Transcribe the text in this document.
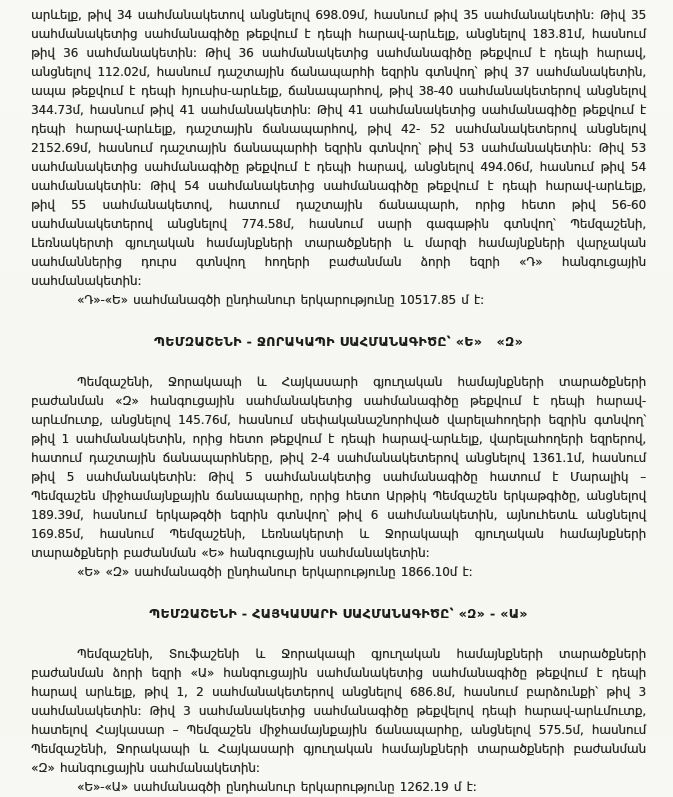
արևելք, թիվ 34 սահմանակետով անցնելով 698.09մ, հասնում թիվ 35 սահմանակետին: Թիվ 35 սահմանակետից սահմանագիծը թեքվում է դեպի հարավ-արևելք, անցնելով 183.81մ, հասնում թիվ 36 սահմանակետին: Թիվ 36 սահմանակետից սահմանագիծը թեքվում է դեպի հարավ, անցնելով 112.02մ, հասնում դաշտային ճանապարհի եզրին գտնվող՝ թիվ 37 սահմանակետին, ապա թեքվում է դեպի հյուսիս-արևելք, ճանապարհով, թիվ 38-40 սահմանակետերով անցնելով 344.73մ, հասնում թիվ 41 սահմանակետին: Թիվ 41 սահմանակետից սահմանագիծը թեքվում է դեպի հարավ-արևելք, դաշտային ճանապարհով, թիվ 42- 52 սահմանակետերով անցնելով 2152.69մ, հասնում դաշտային ճանապարհի եզրին գտնվող՝ թիվ 53 սահմանակետին: Թիվ 53 սահմանակետից սահմանագիծը թեքվում է դեպի հարավ, անցնելով 494.06մ, հասնում թիվ 54 սահմանակետին: Թիվ 54 սահմանակետից սահմանագիծը թեքվում է դեպի հարավ-արևելք, թիվ 55 սահմանակետով, հատում դաշտային ճանապարհ, որից հետո թիվ 56-60 սահմանակետերով անցնելով 774.58մ, հասնում սարի գագաթին գտնվող՝ Պեմզաշենի, Լեռնակերտի գյուղական համայնքների տարածքների և մարզի համայնքների վարչական սահմաններից դուրս գտնվող հողերի բաժանման ձորի եզրի «Դ» հանգուցային սահմանակետին:

«Դ»-«Ե» սահմանագծի ընդհանուր երկարությունը 10517.85 մ է:

ՊԵՄԶԱՇԵՆԻ - ՋՈՐԱԿԱՊԻ ՍԱՀՄԱՆԱԳԻԾԸ՝ «Ե»   «Զ»

Պեմզաշենի, Ջորակապի և Հայկասարի գյուղական համայնքների տարածքների բաժանման «Զ» հանգուցային սահմանակետից սահմանագիծը թեքվում է դեպի հարավ-արևմուտք, անցնելով 145.76մ, հասնում սեփականաշնորհված վարելահողերի եզրին գտնվող՝ թիվ 1 սահմանակետին, որից հետո թեքվում է դեպի հարավ-արևելք, վարելահողերի եզրերով, հատում դաշտային ճանապարհները, թիվ 2-4 սահմանակետերով անցնելով 1361.1մ, հասնում թիվ 5 սահմանակետին: Թիվ 5 սահմանակետից սահմանագիծը հատում է Մարալիկ – Պեմզաշեն միջհամայնքային ճանապարհը, որից հետո Արթիկ Պեմզաշեն երկաթգիծը, անցնելով 189.39մ, հասնում երկաթգծի եզրին գտնվող՝ թիվ 6 սահմանակետին, այնուհետև անցնելով 169.85մ, հասնում Պեմզաշենի, Լեռնակերտի և Ջորակապի գյուղական համայնքների տարածքների բաժանման «Ե» հանգուցային սահմանակետին:

«Ե» «Զ» սահմանագծի ընդհանուր երկարությունը 1866.10մ է:

ՊԵՄԶԱՇԵՆԻ - ՀԱՅԿԱՍԱՐԻ ՍԱՀՄԱՆԱԳԻԾԸ՝ «Զ» - «Ա»

Պեմզաշենի, Տուֆաշենի և Ջորակապի գյուղական համայնքների տարածքների բաժանման ձորի եզրի «Ա» հանգուցային սահմանակետից սահմանագիծը թեքվում է դեպի հարավ արևելք, թիվ 1, 2 սահմանակետերով անցնելով 686.8մ, հասնում բարձունքի՝ թիվ 3 սահմանակետին: Թիվ 3 սահմանակետից սահմանագիծը թեքվելով դեպի հարավ-արևմուտք, հատելով Հայկասար – Պեմզաշեն միջհամայնքային ճանապարհը, անցնելով 575.5մ, հասնում Պեմզաշենի, Ջորակապի և Հայկասարի գյուղական համայնքների տարածքների բաժանման «Զ» հանգուցային սահմանակետին:

«Ե»-«Ա» սահմանագծի ընդհանուր երկարությունը 1262.19 մ է:
